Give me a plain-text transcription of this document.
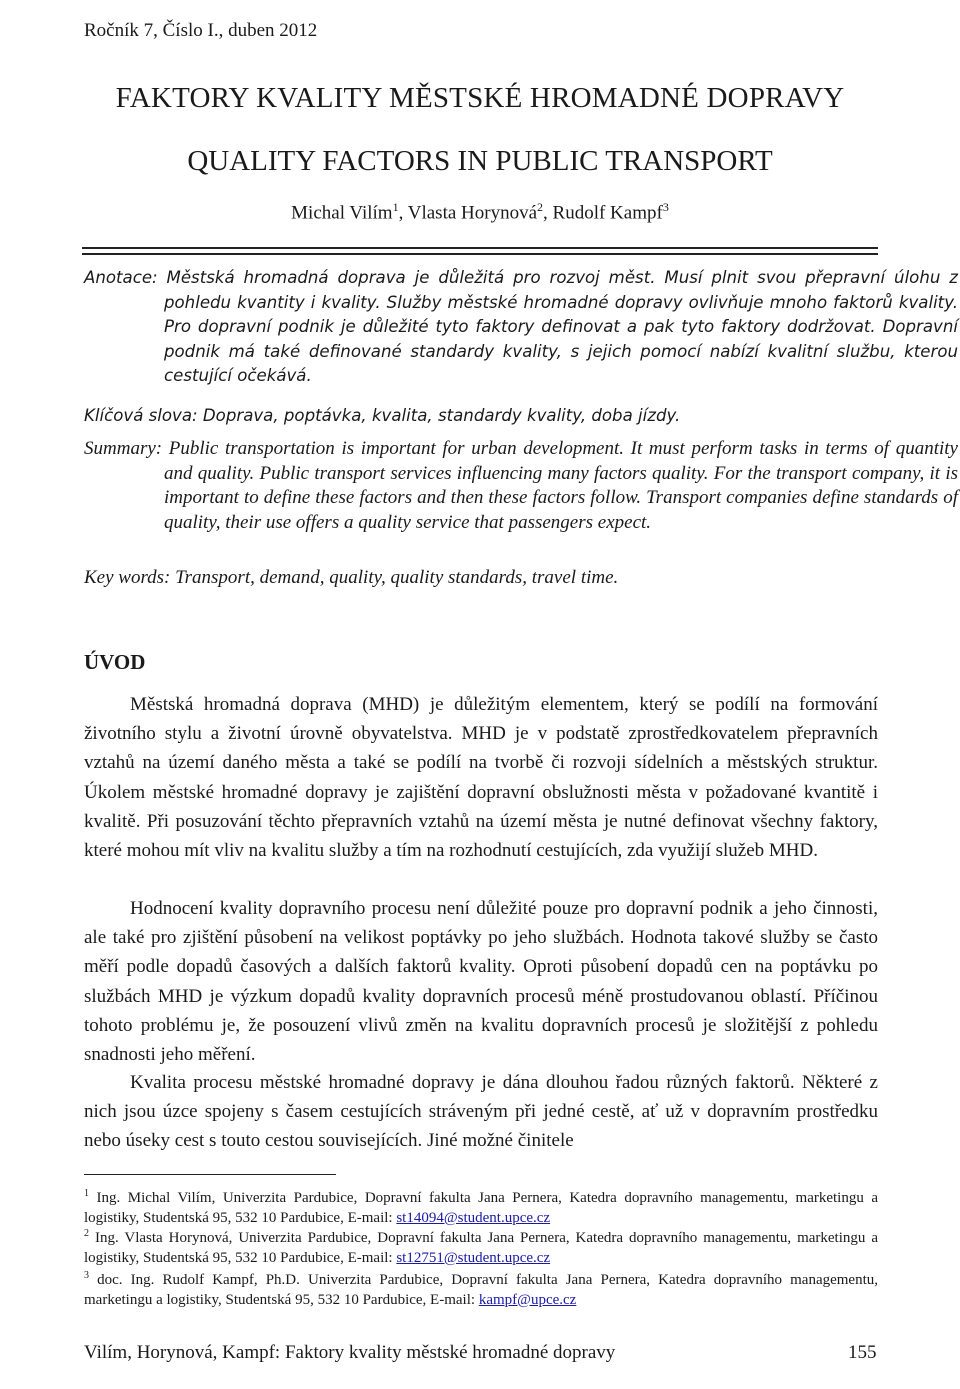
Ročník 7, Číslo I., duben 2012
FAKTORY KVALITY MĚSTSKÉ HROMADNÉ DOPRAVY
QUALITY FACTORS IN PUBLIC TRANSPORT
Michal Vilím$^1$, Vlasta Horynová$^2$, Rudolf Kampf$^3$
Anotace: Městská hromadná doprava je důležitá pro rozvoj měst. Musí plnit svou přepravní úlohu z pohledu kvantity i kvality. Služby městské hromadné dopravy ovlivňuje mnoho faktorů kvality. Pro dopravní podnik je důležité tyto faktory definovat a pak tyto faktory dodržovat. Dopravní podnik má také definované standardy kvality, s jejich pomocí nabízí kvalitní službu, kterou cestující očekává.
Klíčová slova: Doprava, poptávka, kvalita, standardy kvality, doba jízdy.
Summary: Public transportation is important for urban development. It must perform tasks in terms of quantity and quality. Public transport services influencing many factors quality. For the transport company, it is important to define these factors and then these factors follow. Transport companies define standards of quality, their use offers a quality service that passengers expect.
Key words: Transport, demand, quality, quality standards, travel time.
ÚVOD
Městská hromadná doprava (MHD) je důležitým elementem, který se podílí na formování životního stylu a životní úrovně obyvatelstva. MHD je v podstatě zprostředkovatelem přepravních vztahů na území daného města a také se podílí na tvorbě či rozvoji sídelních a městských struktur. Úkolem městské hromadné dopravy je zajištění dopravní obslužnosti města v požadované kvantitě i kvalitě. Při posuzování těchto přepravních vztahů na území města je nutné definovat všechny faktory, které mohou mít vliv na kvalitu služby a tím na rozhodnutí cestujících, zda využijí služeb MHD.
Hodnocení kvality dopravního procesu není důležité pouze pro dopravní podnik a jeho činnosti, ale také pro zjištění působení na velikost poptávky po jeho službách. Hodnota takové služby se často měří podle dopadů časových a dalších faktorů kvality. Oproti působení dopadů cen na poptávku po službách MHD je výzkum dopadů kvality dopravních procesů méně prostudovanou oblastí. Příčinou tohoto problému je, že posouzení vlivů změn na kvalitu dopravních procesů je složitější z pohledu snadnosti jeho měření.
Kvalita procesu městské hromadné dopravy je dána dlouhou řadou různých faktorů. Některé z nich jsou úzce spojeny s časem cestujících stráveným při jedné cestě, ať už v dopravním prostředku nebo úseky cest s touto cestou souvisejících. Jiné možné činitele
$^1$ Ing. Michal Vilím, Univerzita Pardubice, Dopravní fakulta Jana Pernera, Katedra dopravního managementu, marketingu a logistiky, Studentská 95, 532 10 Pardubice, E-mail: st14094@student.upce.cz
$^2$ Ing. Vlasta Horynová, Univerzita Pardubice, Dopravní fakulta Jana Pernera, Katedra dopravního managementu, marketingu a logistiky, Studentská 95, 532 10 Pardubice, E-mail: st12751@student.upce.cz
$^3$ doc. Ing. Rudolf Kampf, Ph.D. Univerzita Pardubice, Dopravní fakulta Jana Pernera, Katedra dopravního managementu, marketingu a logistiky, Studentská 95, 532 10 Pardubice, E-mail: kampf@upce.cz
Vilím, Horynová, Kampf: Faktory kvality městské hromadné dopravy	155
